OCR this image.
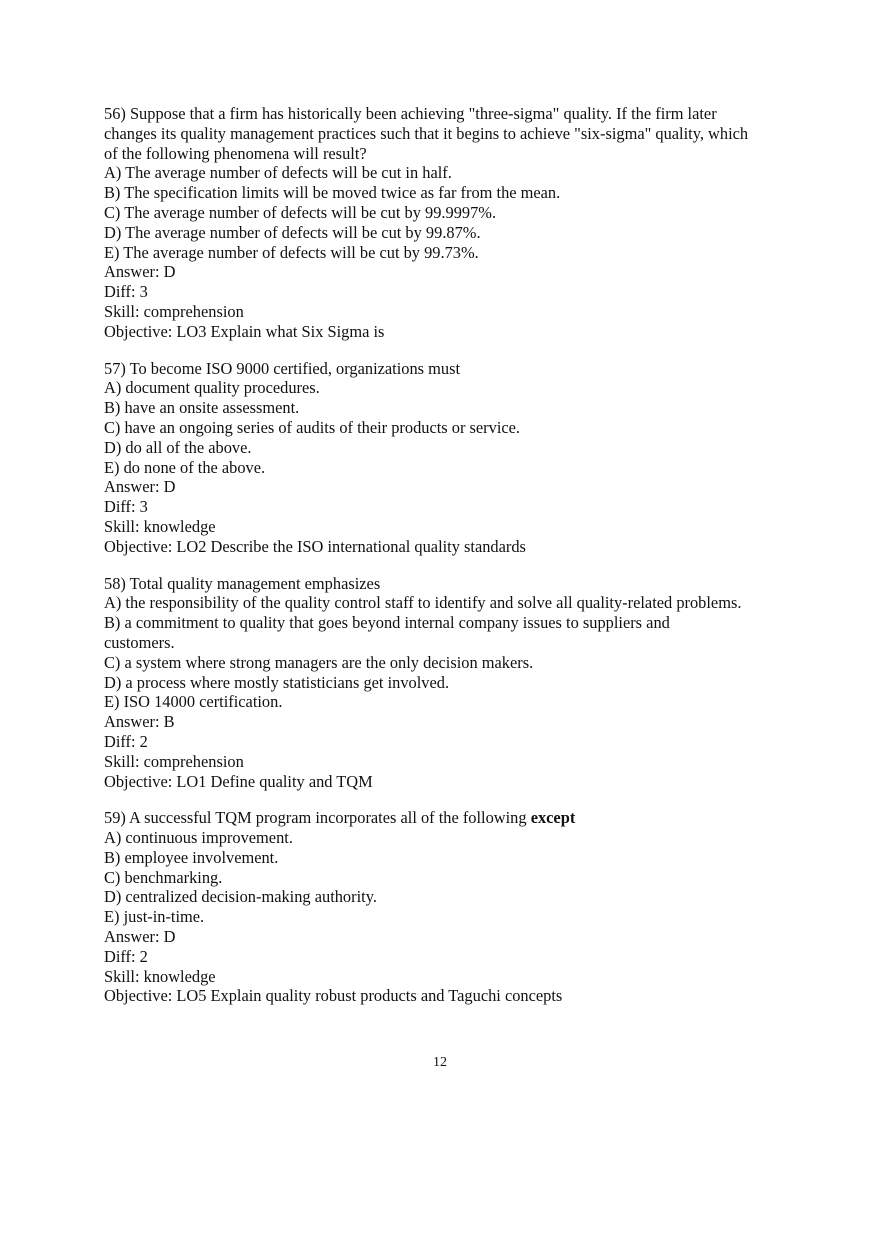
56) Suppose that a firm has historically been achieving "three-sigma" quality. If the firm later changes its quality management practices such that it begins to achieve "six-sigma" quality, which of the following phenomena will result?
A) The average number of defects will be cut in half.
B) The specification limits will be moved twice as far from the mean.
C) The average number of defects will be cut by 99.9997%.
D) The average number of defects will be cut by 99.87%.
E) The average number of defects will be cut by 99.73%.
Answer: D
Diff: 3
Skill: comprehension
Objective: LO3 Explain what Six Sigma is
57) To become ISO 9000 certified, organizations must
A) document quality procedures.
B) have an onsite assessment.
C) have an ongoing series of audits of their products or service.
D) do all of the above.
E) do none of the above.
Answer: D
Diff: 3
Skill: knowledge
Objective: LO2 Describe the ISO international quality standards
58) Total quality management emphasizes
A) the responsibility of the quality control staff to identify and solve all quality-related problems.
B) a commitment to quality that goes beyond internal company issues to suppliers and customers.
C) a system where strong managers are the only decision makers.
D) a process where mostly statisticians get involved.
E) ISO 14000 certification.
Answer: B
Diff: 2
Skill: comprehension
Objective: LO1 Define quality and TQM
59) A successful TQM program incorporates all of the following except
A) continuous improvement.
B) employee involvement.
C) benchmarking.
D) centralized decision-making authority.
E) just-in-time.
Answer: D
Diff: 2
Skill: knowledge
Objective: LO5 Explain quality robust products and Taguchi concepts
12
